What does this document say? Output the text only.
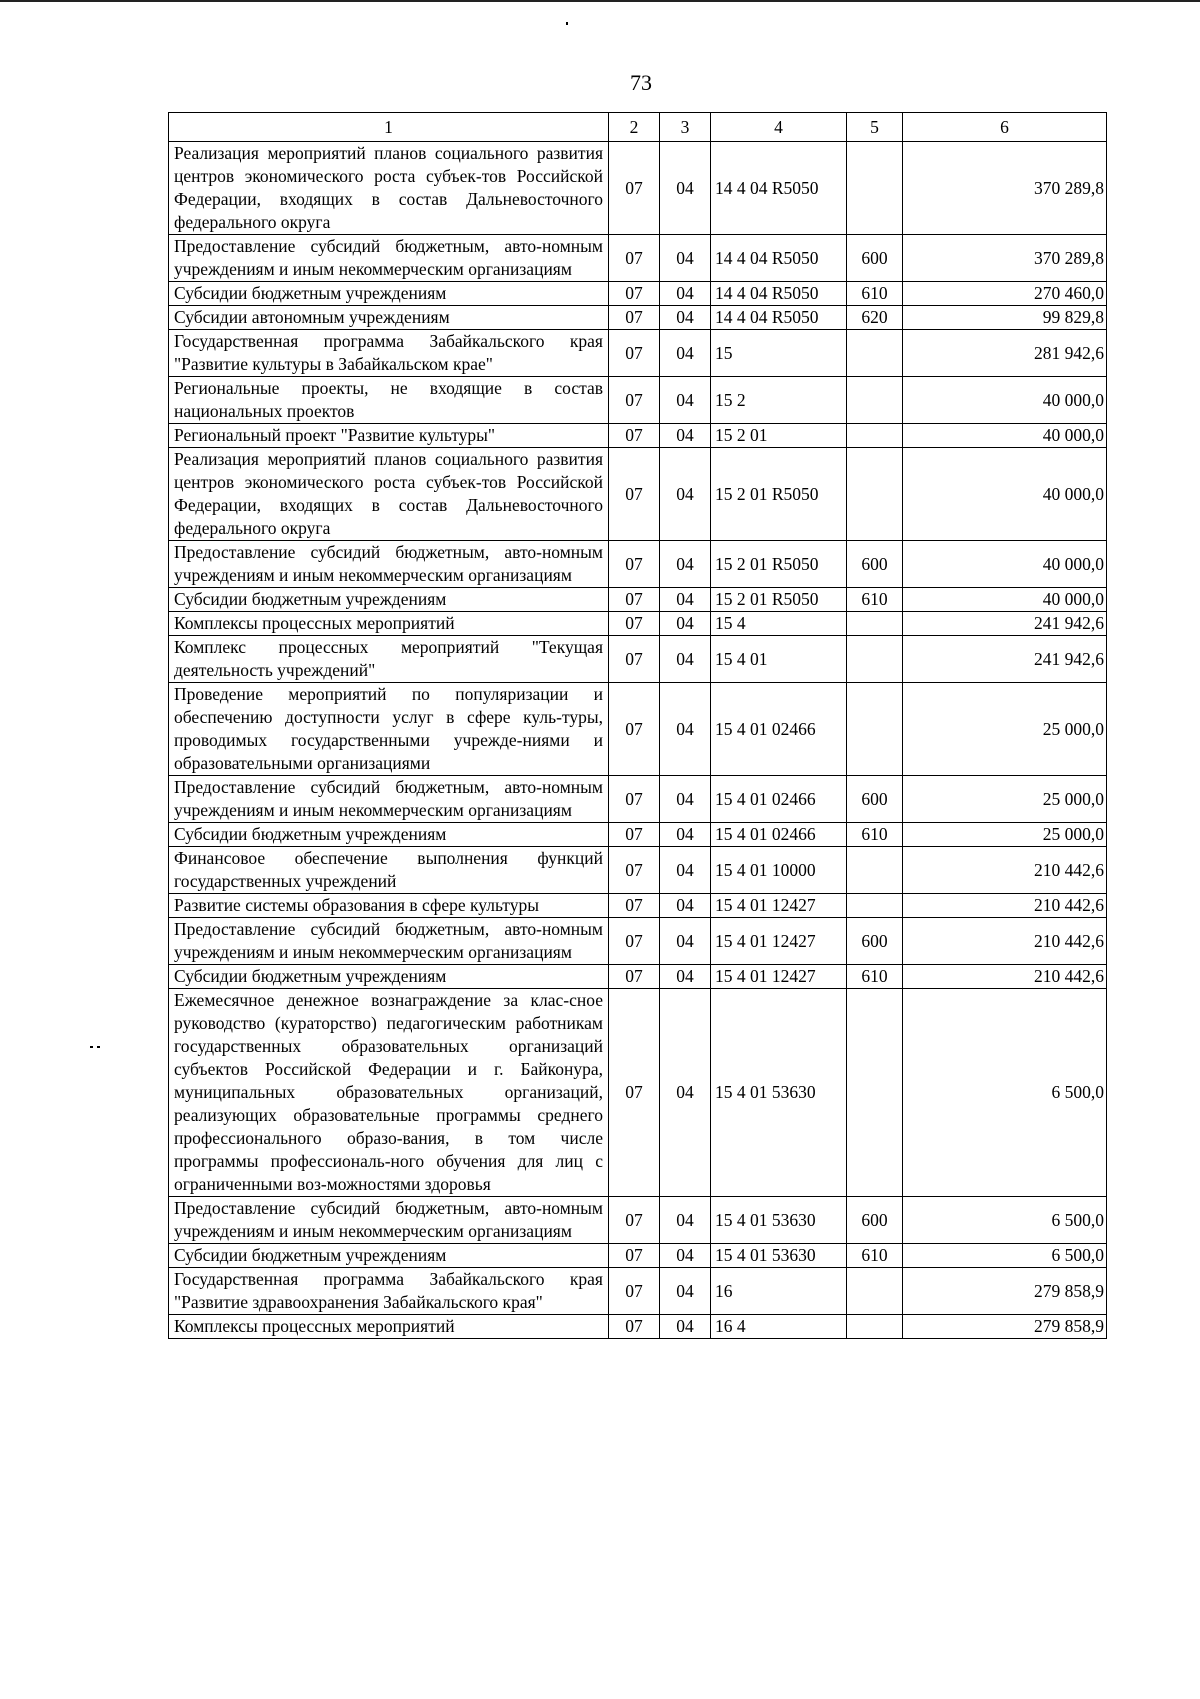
73
1	2	3	4	5	6
Реализация мероприятий планов социального развития центров экономического роста субъек-тов Российской Федерации, входящих в состав Дальневосточного федерального округа	07	04	14 4 04 R5050		370 289,8
Предоставление субсидий бюджетным, авто-номным учреждениям и иным некоммерческим организациям	07	04	14 4 04 R5050	600	370 289,8
Субсидии бюджетным учреждениям	07	04	14 4 04 R5050	610	270 460,0
Субсидии автономным учреждениям	07	04	14 4 04 R5050	620	99 829,8
Государственная программа Забайкальского края "Развитие культуры в Забайкальском крае"	07	04	15		281 942,6
Региональные проекты, не входящие в состав национальных проектов	07	04	15 2		40 000,0
Региональный проект "Развитие культуры"	07	04	15 2 01		40 000,0
Реализация мероприятий планов социального развития центров экономического роста субъек-тов Российской Федерации, входящих в состав Дальневосточного федерального округа	07	04	15 2 01 R5050		40 000,0
Предоставление субсидий бюджетным, авто-номным учреждениям и иным некоммерческим организациям	07	04	15 2 01 R5050	600	40 000,0
Субсидии бюджетным учреждениям	07	04	15 2 01 R5050	610	40 000,0
Комплексы процессных мероприятий	07	04	15 4		241 942,6
Комплекс процессных мероприятий "Текущая деятельность учреждений"	07	04	15 4 01		241 942,6
Проведение мероприятий по популяризации и обеспечению доступности услуг в сфере куль-туры, проводимых государственными учрежде-ниями и образовательными организациями	07	04	15 4 01 02466		25 000,0
Предоставление субсидий бюджетным, авто-номным учреждениям и иным некоммерческим организациям	07	04	15 4 01 02466	600	25 000,0
Субсидии бюджетным учреждениям	07	04	15 4 01 02466	610	25 000,0
Финансовое обеспечение выполнения функций государственных учреждений	07	04	15 4 01 10000		210 442,6
Развитие системы образования в сфере культуры	07	04	15 4 01 12427		210 442,6
Предоставление субсидий бюджетным, авто-номным учреждениям и иным некоммерческим организациям	07	04	15 4 01 12427	600	210 442,6
Субсидии бюджетным учреждениям	07	04	15 4 01 12427	610	210 442,6
Ежемесячное денежное вознаграждение за клас-сное руководство (кураторство) педагогическим работникам государственных образовательных организаций субъектов Российской Федерации и г. Байконура, муниципальных образовательных организаций, реализующих образовательные программы среднего профессионального образо-вания, в том числе программы профессиональ-ного обучения для лиц с ограниченными воз-можностями здоровья	07	04	15 4 01 53630		6 500,0
Предоставление субсидий бюджетным, авто-номным учреждениям и иным некоммерческим организациям	07	04	15 4 01 53630	600	6 500,0
Субсидии бюджетным учреждениям	07	04	15 4 01 53630	610	6 500,0
Государственная программа Забайкальского края "Развитие здравоохранения Забайкальского края"	07	04	16		279 858,9
Комплексы процессных мероприятий	07	04	16 4		279 858,9
